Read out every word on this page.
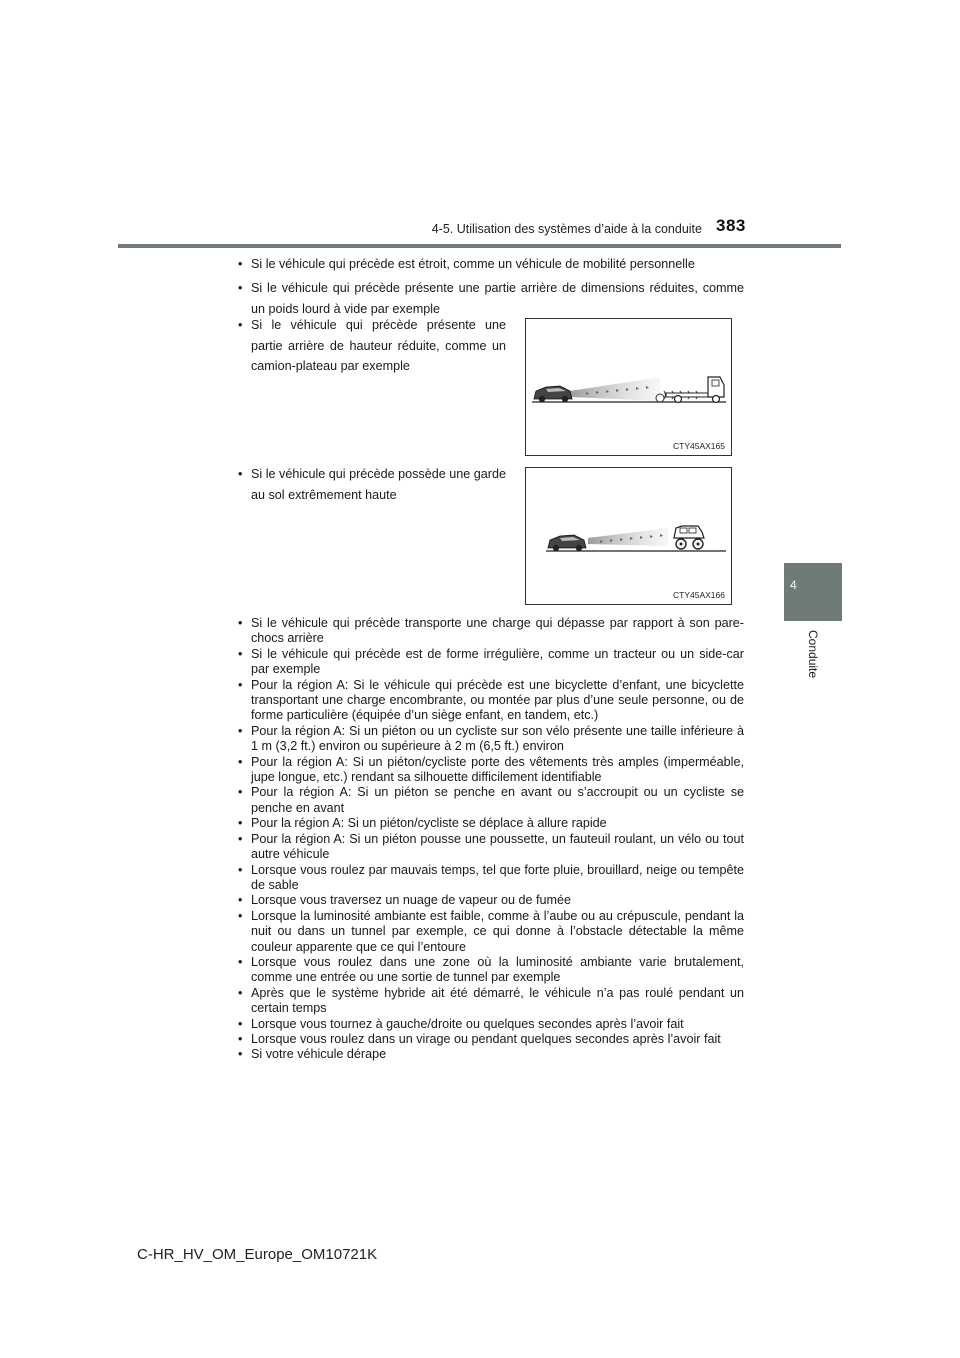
4-5. Utilisation des systèmes d’aide à la conduite 383
4
Conduite
• Si le véhicule qui précède est étroit, comme un véhicule de mobilité personnelle
• Si le véhicule qui précède présente une partie arrière de dimensions réduites, comme un poids lourd à vide par exemple
• Si le véhicule qui précède présente une partie arrière de hauteur réduite, comme un camion-plateau par exemple
• Si le véhicule qui précède possède une garde au sol extrêmement haute
CTY45AX165
CTY45AX166
• Si le véhicule qui précède transporte une charge qui dépasse par rapport à son pare-chocs arrière
• Si le véhicule qui précède est de forme irrégulière, comme un tracteur ou un side-car par exemple
• Pour la région A: Si le véhicule qui précède est une bicyclette d’enfant, une bicyclette transportant une charge encombrante, ou montée par plus d’une seule personne, ou de forme particulière (équipée d’un siège enfant, en tandem, etc.)
• Pour la région A: Si un piéton ou un cycliste sur son vélo présente une taille inférieure à 1 m (3,2 ft.) environ ou supérieure à 2 m (6,5 ft.) environ
• Pour la région A: Si un piéton/cycliste porte des vêtements très amples (imperméable, jupe longue, etc.) rendant sa silhouette difficilement identifiable
• Pour la région A: Si un piéton se penche en avant ou s’accroupit ou un cycliste se penche en avant
• Pour la région A: Si un piéton/cycliste se déplace à allure rapide
• Pour la région A: Si un piéton pousse une poussette, un fauteuil roulant, un vélo ou tout autre véhicule
• Lorsque vous roulez par mauvais temps, tel que forte pluie, brouillard, neige ou tempête de sable
• Lorsque vous traversez un nuage de vapeur ou de fumée
• Lorsque la luminosité ambiante est faible, comme à l’aube ou au crépuscule, pendant la nuit ou dans un tunnel par exemple, ce qui donne à l’obstacle détectable la même couleur apparente que ce qui l’entoure
• Lorsque vous roulez dans une zone où la luminosité ambiante varie brutalement, comme une entrée ou une sortie de tunnel par exemple
• Après que le système hybride ait été démarré, le véhicule n’a pas roulé pendant un certain temps
• Lorsque vous tournez à gauche/droite ou quelques secondes après l’avoir fait
• Lorsque vous roulez dans un virage ou pendant quelques secondes après l’avoir fait
• Si votre véhicule dérape
C-HR_HV_OM_Europe_OM10721K
